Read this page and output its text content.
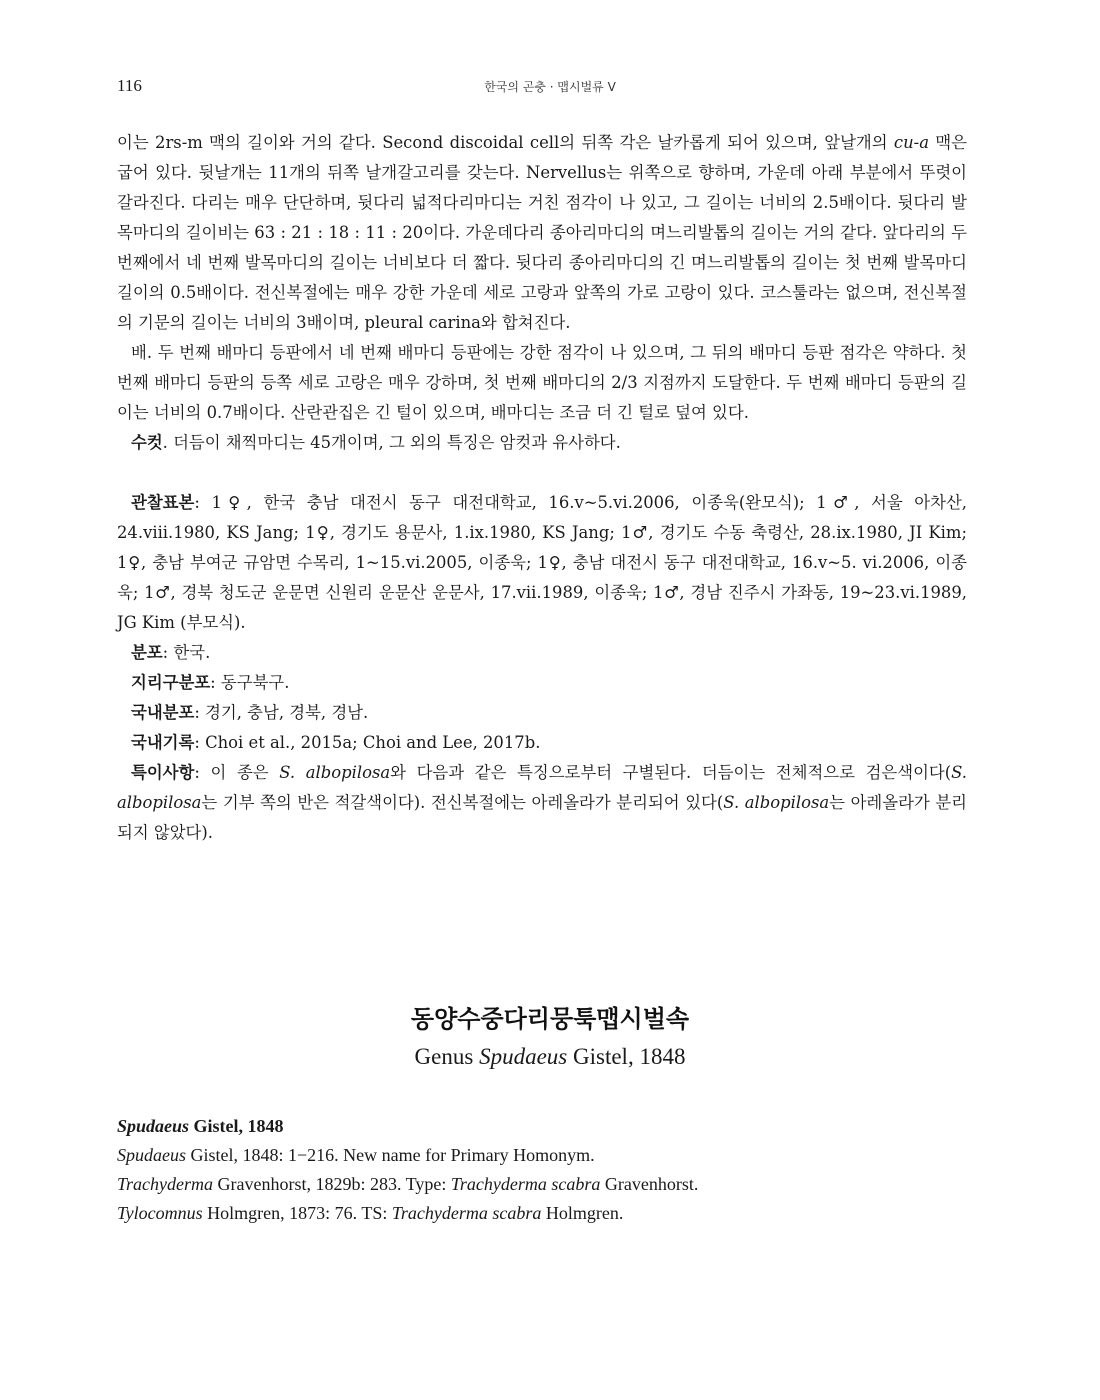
116	한국의 곤충 · 맵시벌류 V

이는 2rs-m 맥의 길이와 거의 같다. Second discoidal cell의 뒤쪽 각은 날카롭게 되어 있으며, 앞날개의 cu-a 맥은 굽어 있다. 뒷날개는 11개의 뒤쪽 날개갈고리를 갖는다. Nervellus는 위쪽으로 향하며, 가운데 아래 부분에서 뚜렷이 갈라진다. 다리는 매우 단단하며, 뒷다리 넓적다리마디는 거친 점각이 나 있고, 그 길이는 너비의 2.5배이다. 뒷다리 발목마디의 길이비는 63 : 21 : 18 : 11 : 20이다. 가운데다리 종아리마디의 며느리발톱의 길이는 거의 같다. 앞다리의 두 번째에서 네 번째 발목마디의 길이는 너비보다 더 짧다. 뒷다리 종아리마디의 긴 며느리발톱의 길이는 첫 번째 발목마디 길이의 0.5배이다. 전신복절에는 매우 강한 가운데 세로 고랑과 앞쪽의 가로 고랑이 있다. 코스툴라는 없으며, 전신복절의 기문의 길이는 너비의 3배이며, pleural carina와 합쳐진다.

배. 두 번째 배마디 등판에서 네 번째 배마디 등판에는 강한 점각이 나 있으며, 그 뒤의 배마디 등판 점각은 약하다. 첫 번째 배마디 등판의 등쪽 세로 고랑은 매우 강하며, 첫 번째 배마디의 2/3 지점까지 도달한다. 두 번째 배마디 등판의 길이는 너비의 0.7배이다. 산란관집은 긴 털이 있으며, 배마디는 조금 더 긴 털로 덮여 있다.

수컷. 더듬이 채찍마디는 45개이며, 그 외의 특징은 암컷과 유사하다.

관찰표본: 1♀, 한국 충남 대전시 동구 대전대학교, 16.v~5.vi.2006, 이종욱(완모식); 1♂, 서울 아차산, 24.viii.1980, KS Jang; 1♀, 경기도 용문사, 1.ix.1980, KS Jang; 1♂, 경기도 수동 축령산, 28.ix.1980, JI Kim; 1♀, 충남 부여군 규암면 수목리, 1~15.vi.2005, 이종욱; 1♀, 충남 대전시 동구 대전대학교, 16.v~5. vi.2006, 이종욱; 1♂, 경북 청도군 운문면 신원리 운문산 운문사, 17.vii.1989, 이종욱; 1♂, 경남 진주시 가좌동, 19~23.vi.1989, JG Kim (부모식).

분포: 한국.

지리구분포: 동구북구.

국내분포: 경기, 충남, 경북, 경남.

국내기록: Choi et al., 2015a; Choi and Lee, 2017b.

특이사항: 이 종은 S. albopilosa와 다음과 같은 특징으로부터 구별된다. 더듬이는 전체적으로 검은색이다(S. albopilosa는 기부 쪽의 반은 적갈색이다). 전신복절에는 아레올라가 분리되어 있다(S. albopilosa는 아레올라가 분리되지 않았다).

동양수중다리뭉툭맵시벌속
Genus Spudaeus Gistel, 1848

Spudaeus Gistel, 1848

Spudaeus Gistel, 1848: 1−216. New name for Primary Homonym.

Trachyderma Gravenhorst, 1829b: 283. Type: Trachyderma scabra Gravenhorst.

Tylocomnus Holmgren, 1873: 76. TS: Trachyderma scabra Holmgren.
